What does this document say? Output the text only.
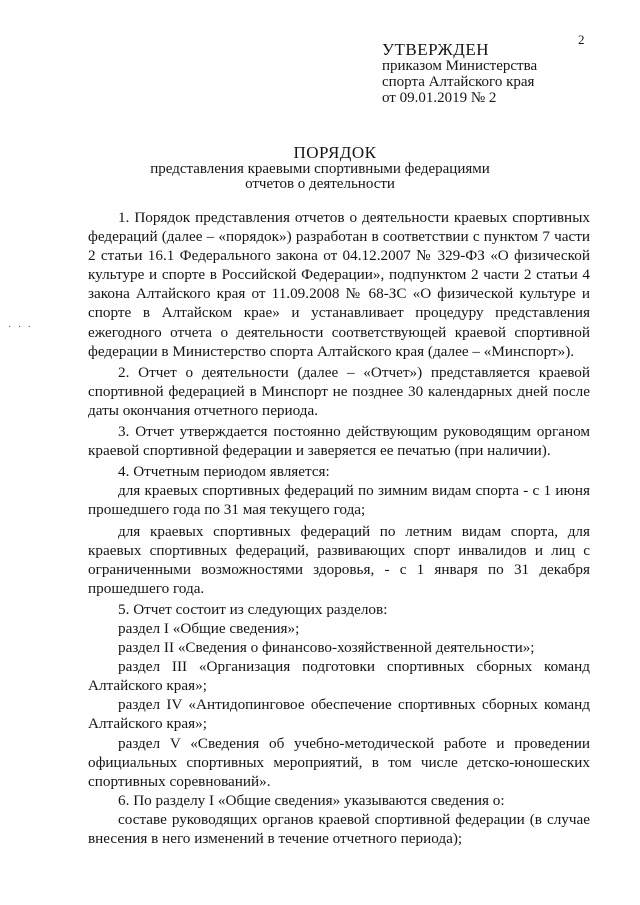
· · ·
2
УТВЕРЖДЕН
приказом Министерства
спорта Алтайского края
от 09.01.2019 № 2
ПОРЯДОК
представления краевыми спортивными федерациями
отчетов о деятельности

1. Порядок представления отчетов о деятельности краевых спортивных федераций (далее – «порядок») разработан в соответствии с пунктом 7 части 2 статьи 16.1 Федерального закона от 04.12.2007 № 329-ФЗ «О физической культуре и спорте в Российской Федерации», подпунктом 2 части 2 статьи 4 закона Алтайского края от 11.09.2008 № 68-ЗС «О физической культуре и спорте в Алтайском крае» и устанавливает процедуру представления ежегодного отчета о деятельности соответствующей краевой спортивной федерации в Министерство спорта Алтайского края (далее – «Минспорт»).

2. Отчет о деятельности (далее – «Отчет») представляется краевой спортивной федерацией в Минспорт не позднее 30 календарных дней после даты окончания отчетного периода.

3. Отчет утверждается постоянно действующим руководящим органом краевой спортивной федерации и заверяется ее печатью (при наличии).

4. Отчетным периодом является:

для краевых спортивных федераций по зимним видам спорта - с 1 июня прошедшего года по 31 мая текущего года;

для краевых спортивных федераций по летним видам спорта, для краевых спортивных федераций, развивающих спорт инвалидов и лиц с ограниченными возможностями здоровья, - с 1 января по 31 декабря прошедшего года.

5. Отчет состоит из следующих разделов:

раздел I «Общие сведения»;

раздел II «Сведения о финансово-хозяйственной деятельности»;

раздел III «Организация подготовки спортивных сборных команд Алтайского края»;

раздел IV «Антидопинговое обеспечение спортивных сборных команд Алтайского края»;

раздел V «Сведения об учебно-методической работе и проведении официальных спортивных мероприятий, в том числе детско-юношеских спортивных соревнований».

6. По разделу I «Общие сведения» указываются сведения о:

составе руководящих органов краевой спортивной федерации (в случае внесения в него изменений в течение отчетного периода);
